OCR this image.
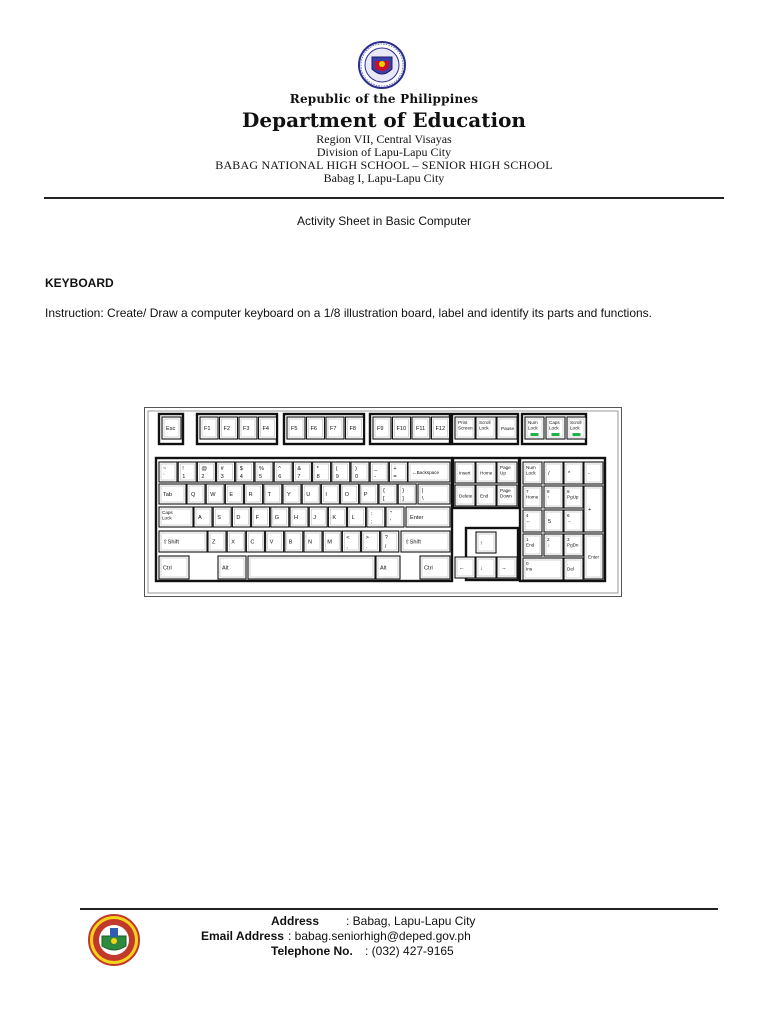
Republic of the Philippines
Department of Education
Region VII, Central Visayas
Division of Lapu-Lapu City
BABAG NATIONAL HIGH SCHOOL – SENIOR HIGH SCHOOL
Babag I, Lapu-Lapu City
Activity Sheet in Basic Computer
KEYBOARD
Instruction: Create/ Draw a computer keyboard on a 1/8 illustration board, label and identify its parts and functions.
Esc	F1 F2 F3 F4	F5 F6 F7 F8	F9 F10 F11 F12
Print
Screen
Scroll
Lock	Pause
Num
Lock
Caps
Lock
Scroll
Lock
~
`
!
1
@
2
#
3
$
4
%
5
^
6
&
7
*
8
(
9
)
0
_
-
+
=
←Backspace
Tab	Q	W E	R	T	Y	U	I	O	P
{
[
}
]
|
\
Caps
Lock	A	S	D	F	G	H	J	K	L
:
;
"
'
Enter
⇧Shift	Z	X	C	V	B	N	M
<
,
>
.
?
/
⇧Shift
Ctrl	Alt	Alt	Ctrl
Insert Home
Page
Up
Delete End
Page
Down
↑
←	↓	→
Num
Lock /	*	-
7
Home
8
↑
9
PgUp
+
4
←	5
6
→
1
End
2
↓
3
PgDn
Enter
0
Ins
.
Del
Address : Babag, Lapu-Lapu City
Email Address : babag.seniorhigh@deped.gov.ph
Telephone No. : (032) 427-9165
